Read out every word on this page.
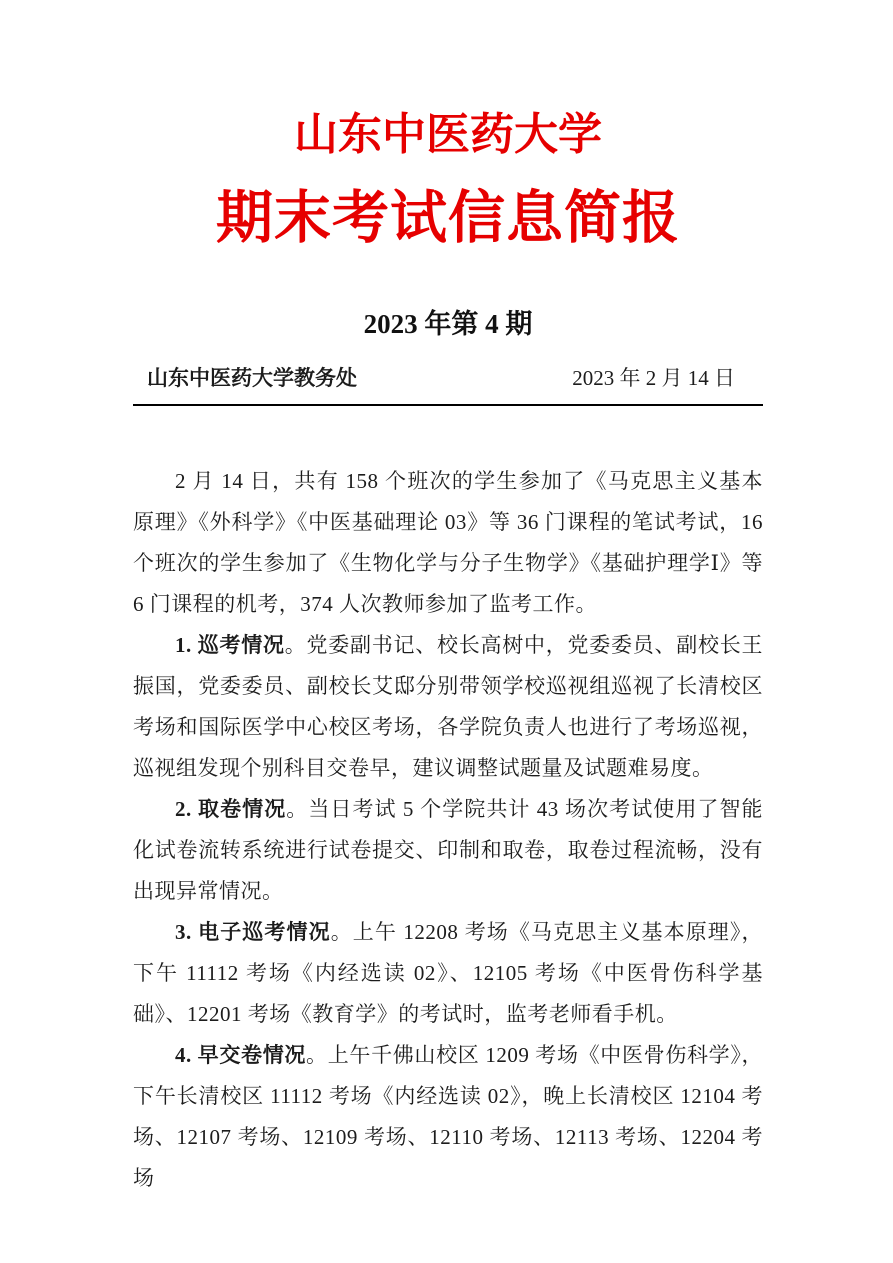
山东中医药大学
期末考试信息简报
2023 年第 4 期
山东中医药大学教务处	2023 年 2 月 14 日

2 月 14 日，共有 158 个班次的学生参加了《马克思主义基本原理》《外科学》《中医基础理论 03》等 36 门课程的笔试考试，16 个班次的学生参加了《生物化学与分子生物学》《基础护理学Ⅰ》等 6 门课程的机考，374 人次教师参加了监考工作。

1. 巡考情况。党委副书记、校长高树中，党委委员、副校长王振国，党委委员、副校长艾邸分别带领学校巡视组巡视了长清校区考场和国际医学中心校区考场，各学院负责人也进行了考场巡视，巡视组发现个别科目交卷早，建议调整试题量及试题难易度。

2. 取卷情况。当日考试 5 个学院共计 43 场次考试使用了智能化试卷流转系统进行试卷提交、印制和取卷，取卷过程流畅，没有出现异常情况。

3. 电子巡考情况。上午 12208 考场《马克思主义基本原理》，下午 11112 考场《内经选读 02》、12105 考场《中医骨伤科学基础》、12201 考场《教育学》的考试时，监考老师看手机。

4. 早交卷情况。上午千佛山校区 1209 考场《中医骨伤科学》，下午长清校区 11112 考场《内经选读 02》，晚上长清校区 12104 考场、12107 考场、12109 考场、12110 考场、12113 考场、12204 考场
